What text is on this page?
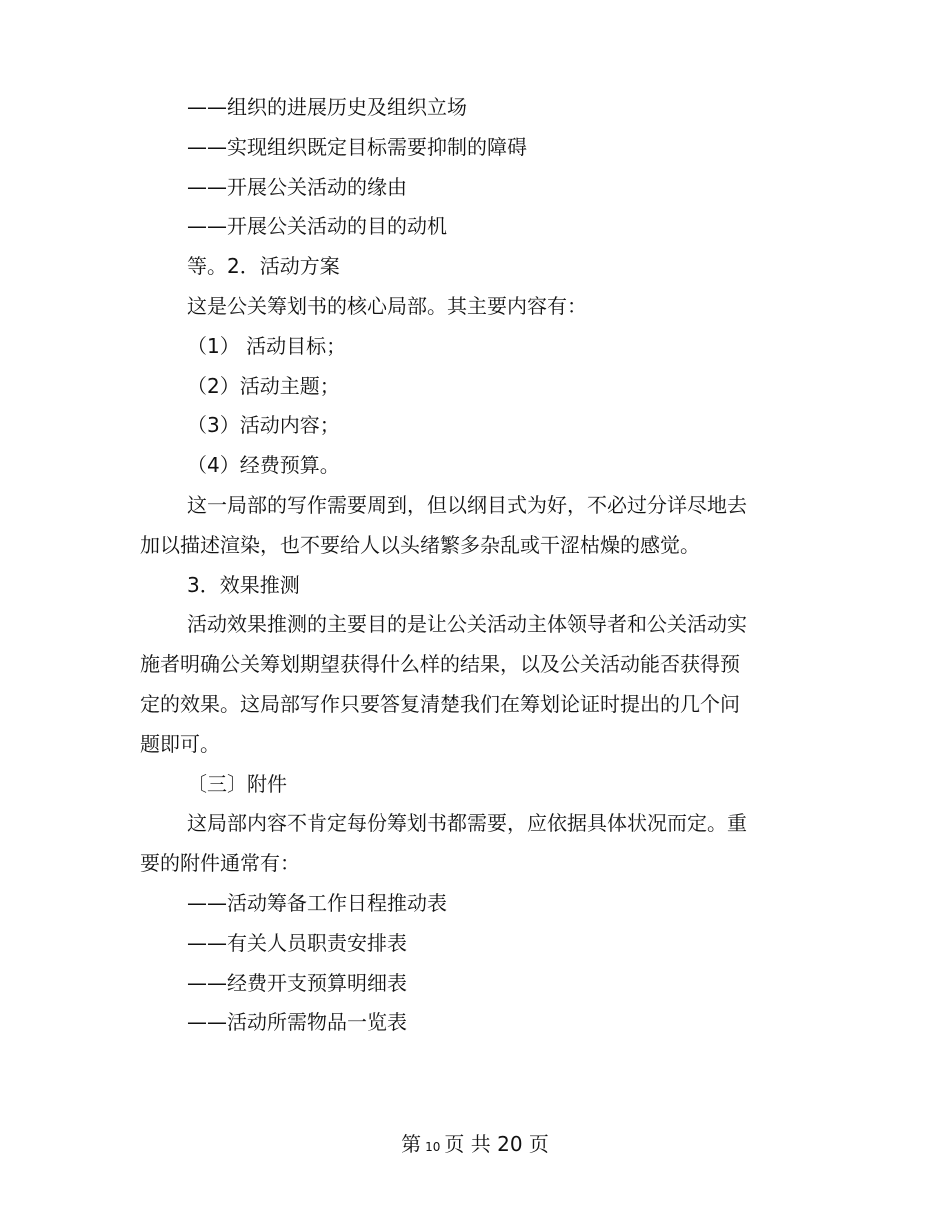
——组织的进展历史及组织立场
——实现组织既定目标需要抑制的障碍
——开展公关活动的缘由
——开展公关活动的目的动机
等。2．活动方案
这是公关筹划书的核心局部。其主要内容有：
（1） 活动目标；
（2）活动主题；
（3）活动内容；
（4）经费预算。
这一局部的写作需要周到，但以纲目式为好，不必过分详尽地去
加以描述渲染，也不要给人以头绪繁多杂乱或干涩枯燥的感觉。
3．效果推测
活动效果推测的主要目的是让公关活动主体领导者和公关活动实
施者明确公关筹划期望获得什么样的结果，以及公关活动能否获得预
定的效果。这局部写作只要答复清楚我们在筹划论证时提出的几个问
题即可。
〔三〕附件
这局部内容不肯定每份筹划书都需要，应依据具体状况而定。重
要的附件通常有：
——活动筹备工作日程推动表
——有关人员职责安排表
——经费开支预算明细表
——活动所需物品一览表
第 10 页 共 20 页
